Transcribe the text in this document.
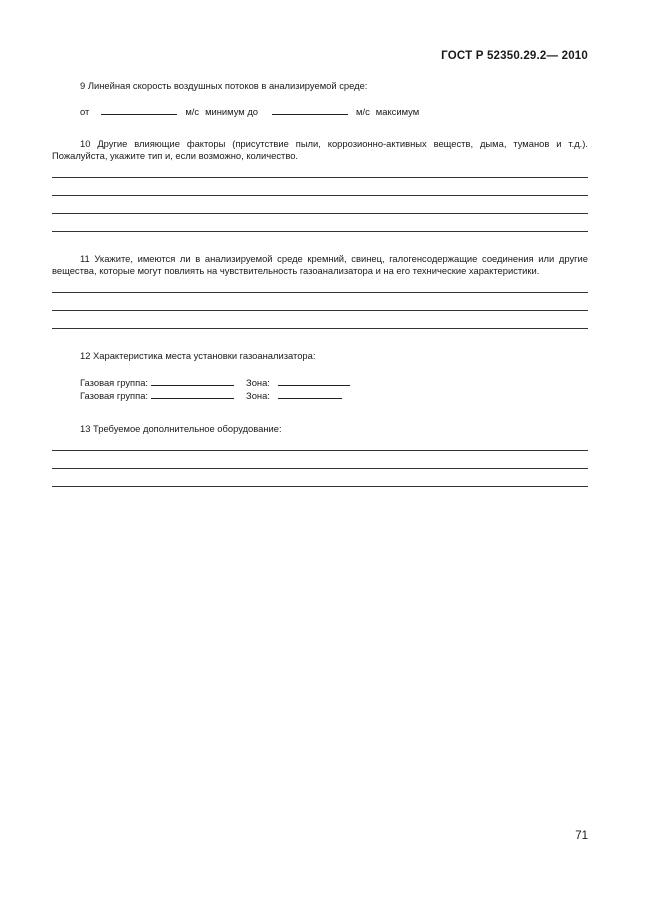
ГОСТ Р 52350.29.2— 2010

9 Линейная скорость воздушных потоков в анализируемой среде:

от	м/с минимум до	м/с максимум

10 Другие влияющие факторы (присутствие пыли, коррозионно-активных веществ, дыма, туманов и т.д.). Пожалуйста, укажите тип и, если возможно, количество.

11 Укажите, имеются ли в анализируемой среде кремний, свинец, галогенсодержащие соединения или другие вещества, которые могут повлиять на чувствительность газоанализатора и на его технические характеристики.

12 Характеристика места установки газоанализатора:

Газовая группа:	Зона:
Газовая группа:	Зона:

13 Требуемое дополнительное оборудование:

71
